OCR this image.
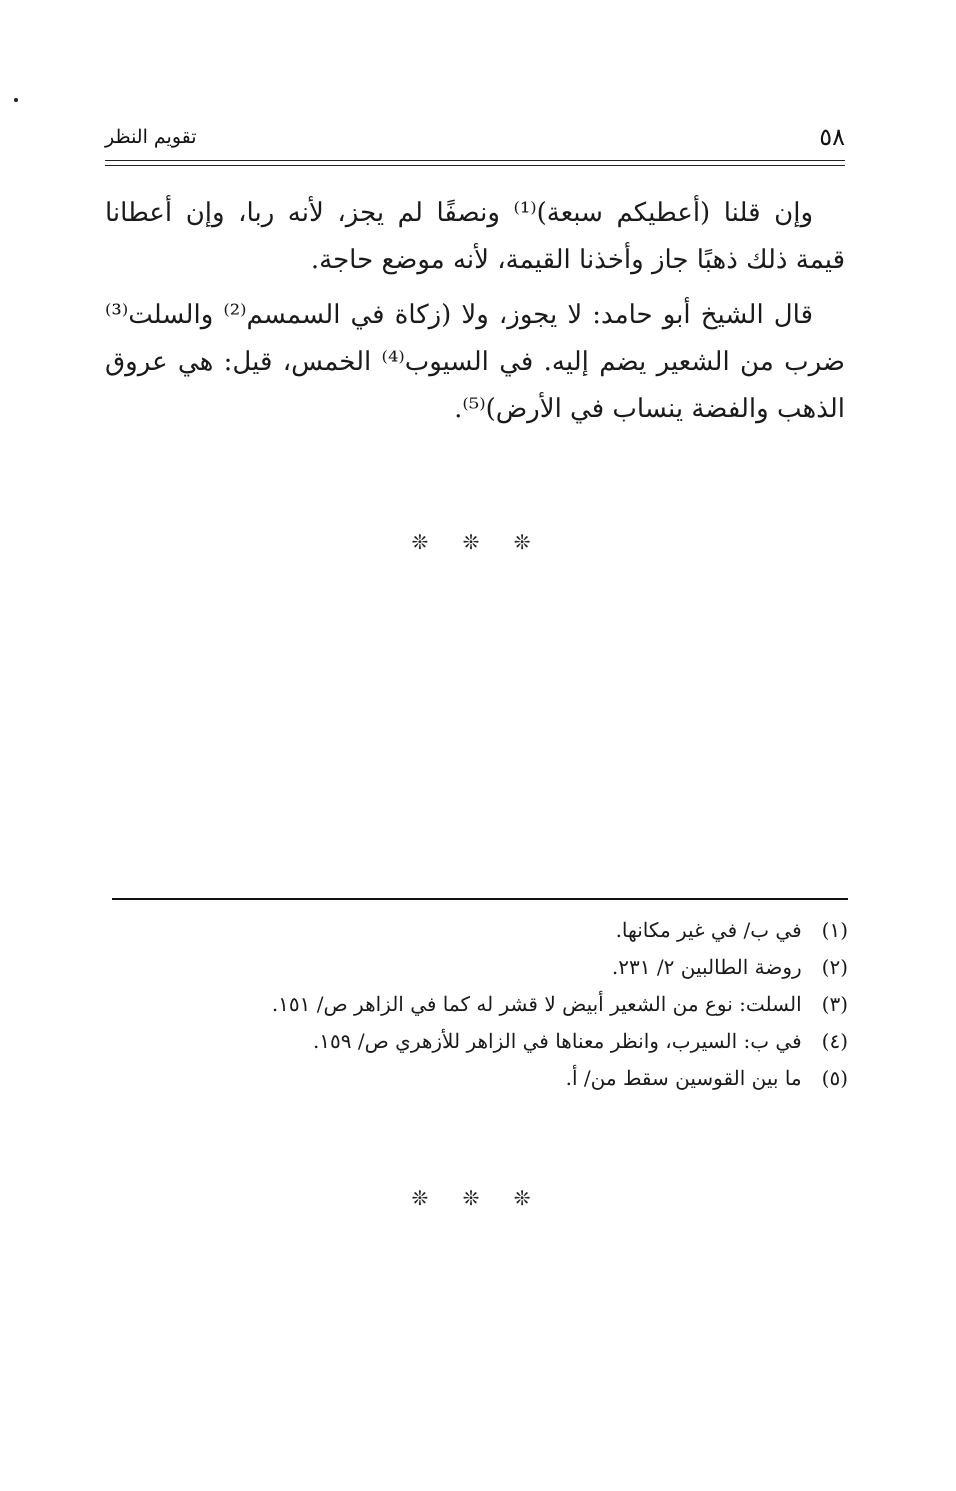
٥٨
تقويم النظر

وإن قلنا (أعطيكم سبعة)⁽¹⁾ ونصفًا لم يجز، لأنه ربا، وإن أعطانا قيمة ذلك ذهبًا جاز وأخذنا القيمة، لأنه موضع حاجة.

قال الشيخ أبو حامد: لا يجوز، ولا (زكاة في السمسم⁽²⁾ والسلت⁽³⁾ ضرب من الشعير يضم إليه. في السيوب⁽⁴⁾ الخمس، قيل: هي عروق الذهب والفضة ينساب في الأرض)⁽⁵⁾.

❊ ❊ ❊
(١) في ب/ في غير مكانها.
(٢) روضة الطالبين ٢/ ٢٣١.
(٣) السلت: نوع من الشعير أبيض لا قشر له كما في الزاهر ص/ ١٥١.
(٤) في ب: السيرب، وانظر معناها في الزاهر للأزهري ص/ ١٥٩.
(٥) ما بين القوسين سقط من/ أ.
❊ ❊ ❊
